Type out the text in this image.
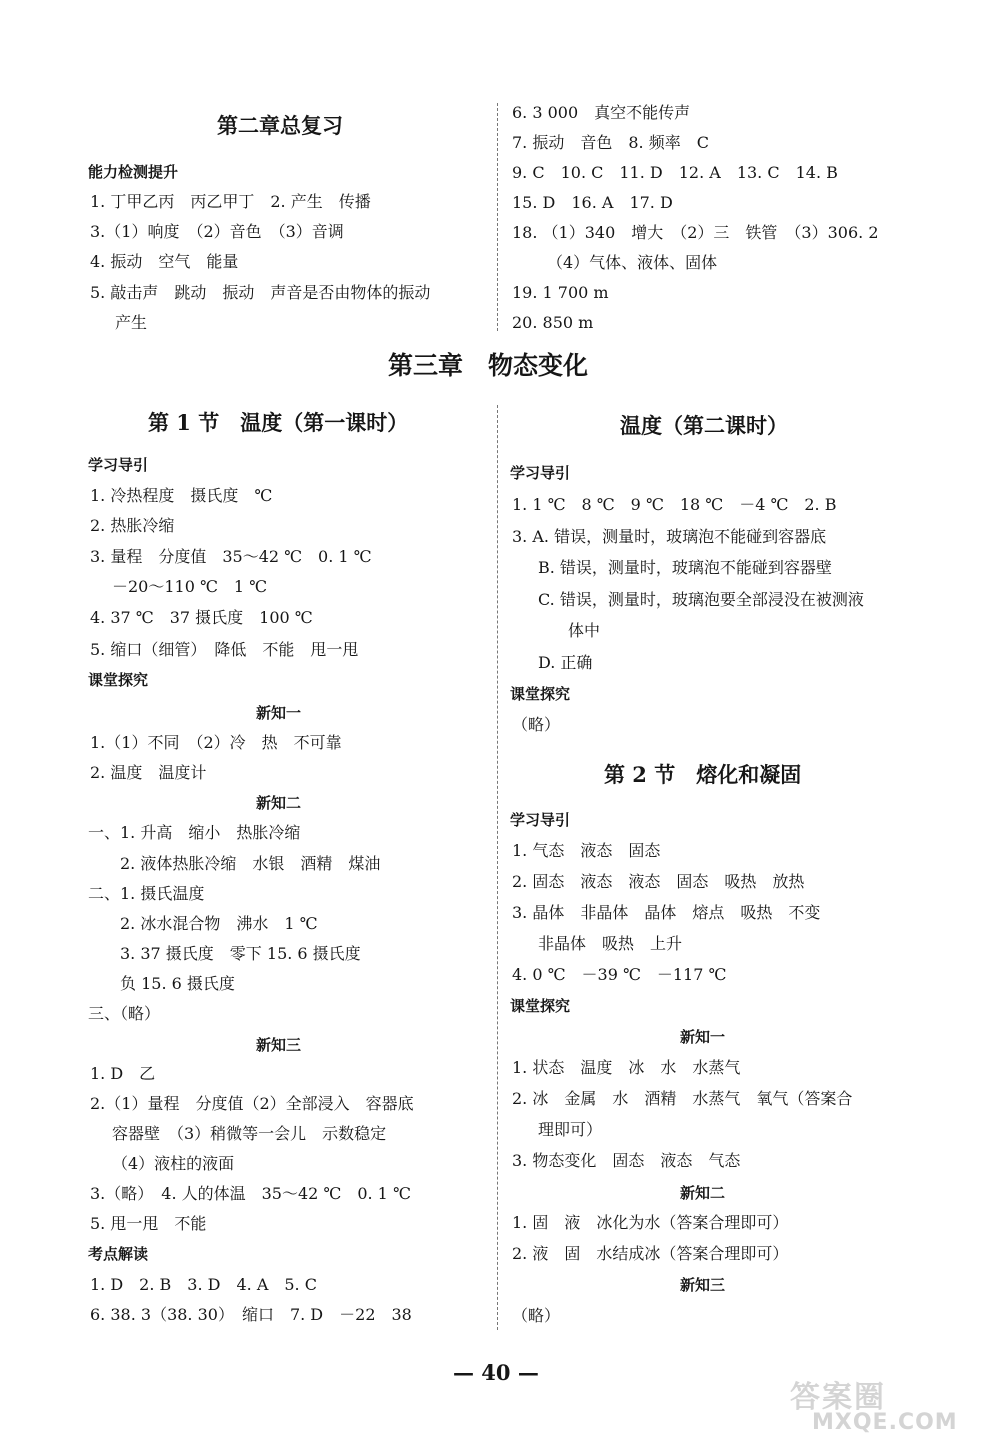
第二章总复习
能力检测提升
1. 丁甲乙丙　丙乙甲丁　2. 产生　传播
3.（1）响度　（2）音色　（3）音调
4. 振动　空气　能量
5. 敲击声　跳动　振动　声音是否由物体的振动
产生
6. 3 000　真空不能传声
7. 振动　音色　8. 频率　C
9. C　10. C　11. D　12. A　13. C　14. B
15. D　16. A　17. D
18. （1）340　增大　（2）三　铁管　（3）306. 2
（4）气体、液体、固体
19. 1 700 m
20. 850 m
第三章　物态变化
第 1 节　温度（第一课时）
学习导引
1. 冷热程度　摄氏度　℃
2. 热胀冷缩
3. 量程　分度值　35～42 ℃　0. 1 ℃
－20～110 ℃　1 ℃
4. 37 ℃　37 摄氏度　100 ℃
5. 缩口（细管）　降低　不能　甩一甩
课堂探究
新知一
1.（1）不同　（2）冷　热　不可靠
2. 温度　温度计
新知二
一、1. 升高　缩小　热胀冷缩
2. 液体热胀冷缩　水银　酒精　煤油
二、1. 摄氏温度
2. 冰水混合物　沸水　1 ℃
3. 37 摄氏度　零下 15. 6 摄氏度
负 15. 6 摄氏度
三、（略）
新知三
1. D　乙
2.（1）量程　分度值（2）全部浸入　容器底
容器壁　（3）稍微等一会儿　示数稳定
（4）液柱的液面
3.（略）　4. 人的体温　35～42 ℃　0. 1 ℃
5. 甩一甩　不能
考点解读
1. D　2. B　3. D　4. A　5. C
6. 38. 3（38. 30）　缩口　7. D　－22　38
温度（第二课时）
学习导引
1. 1 ℃　8 ℃　9 ℃　18 ℃　－4 ℃　2. B
3. A. 错误，测量时，玻璃泡不能碰到容器底
B. 错误，测量时，玻璃泡不能碰到容器壁
C. 错误，测量时，玻璃泡要全部浸没在被测液
体中
D. 正确
课堂探究
（略）
第 2 节　熔化和凝固
学习导引
1. 气态　液态　固态
2. 固态　液态　液态　固态　吸热　放热
3. 晶体　非晶体　晶体　熔点　吸热　不变
非晶体　吸热　上升
4. 0 ℃　－39 ℃　－117 ℃
课堂探究
新知一
1. 状态　温度　冰　水　水蒸气
2. 冰　金属　水　酒精　水蒸气　氧气（答案合
理即可）
3. 物态变化　固态　液态　气态
新知二
1. 固　液　冰化为水（答案合理即可）
2. 液　固　水结成冰（答案合理即可）
新知三
（略）
— 40 —
答案圈
MXQE.COM
